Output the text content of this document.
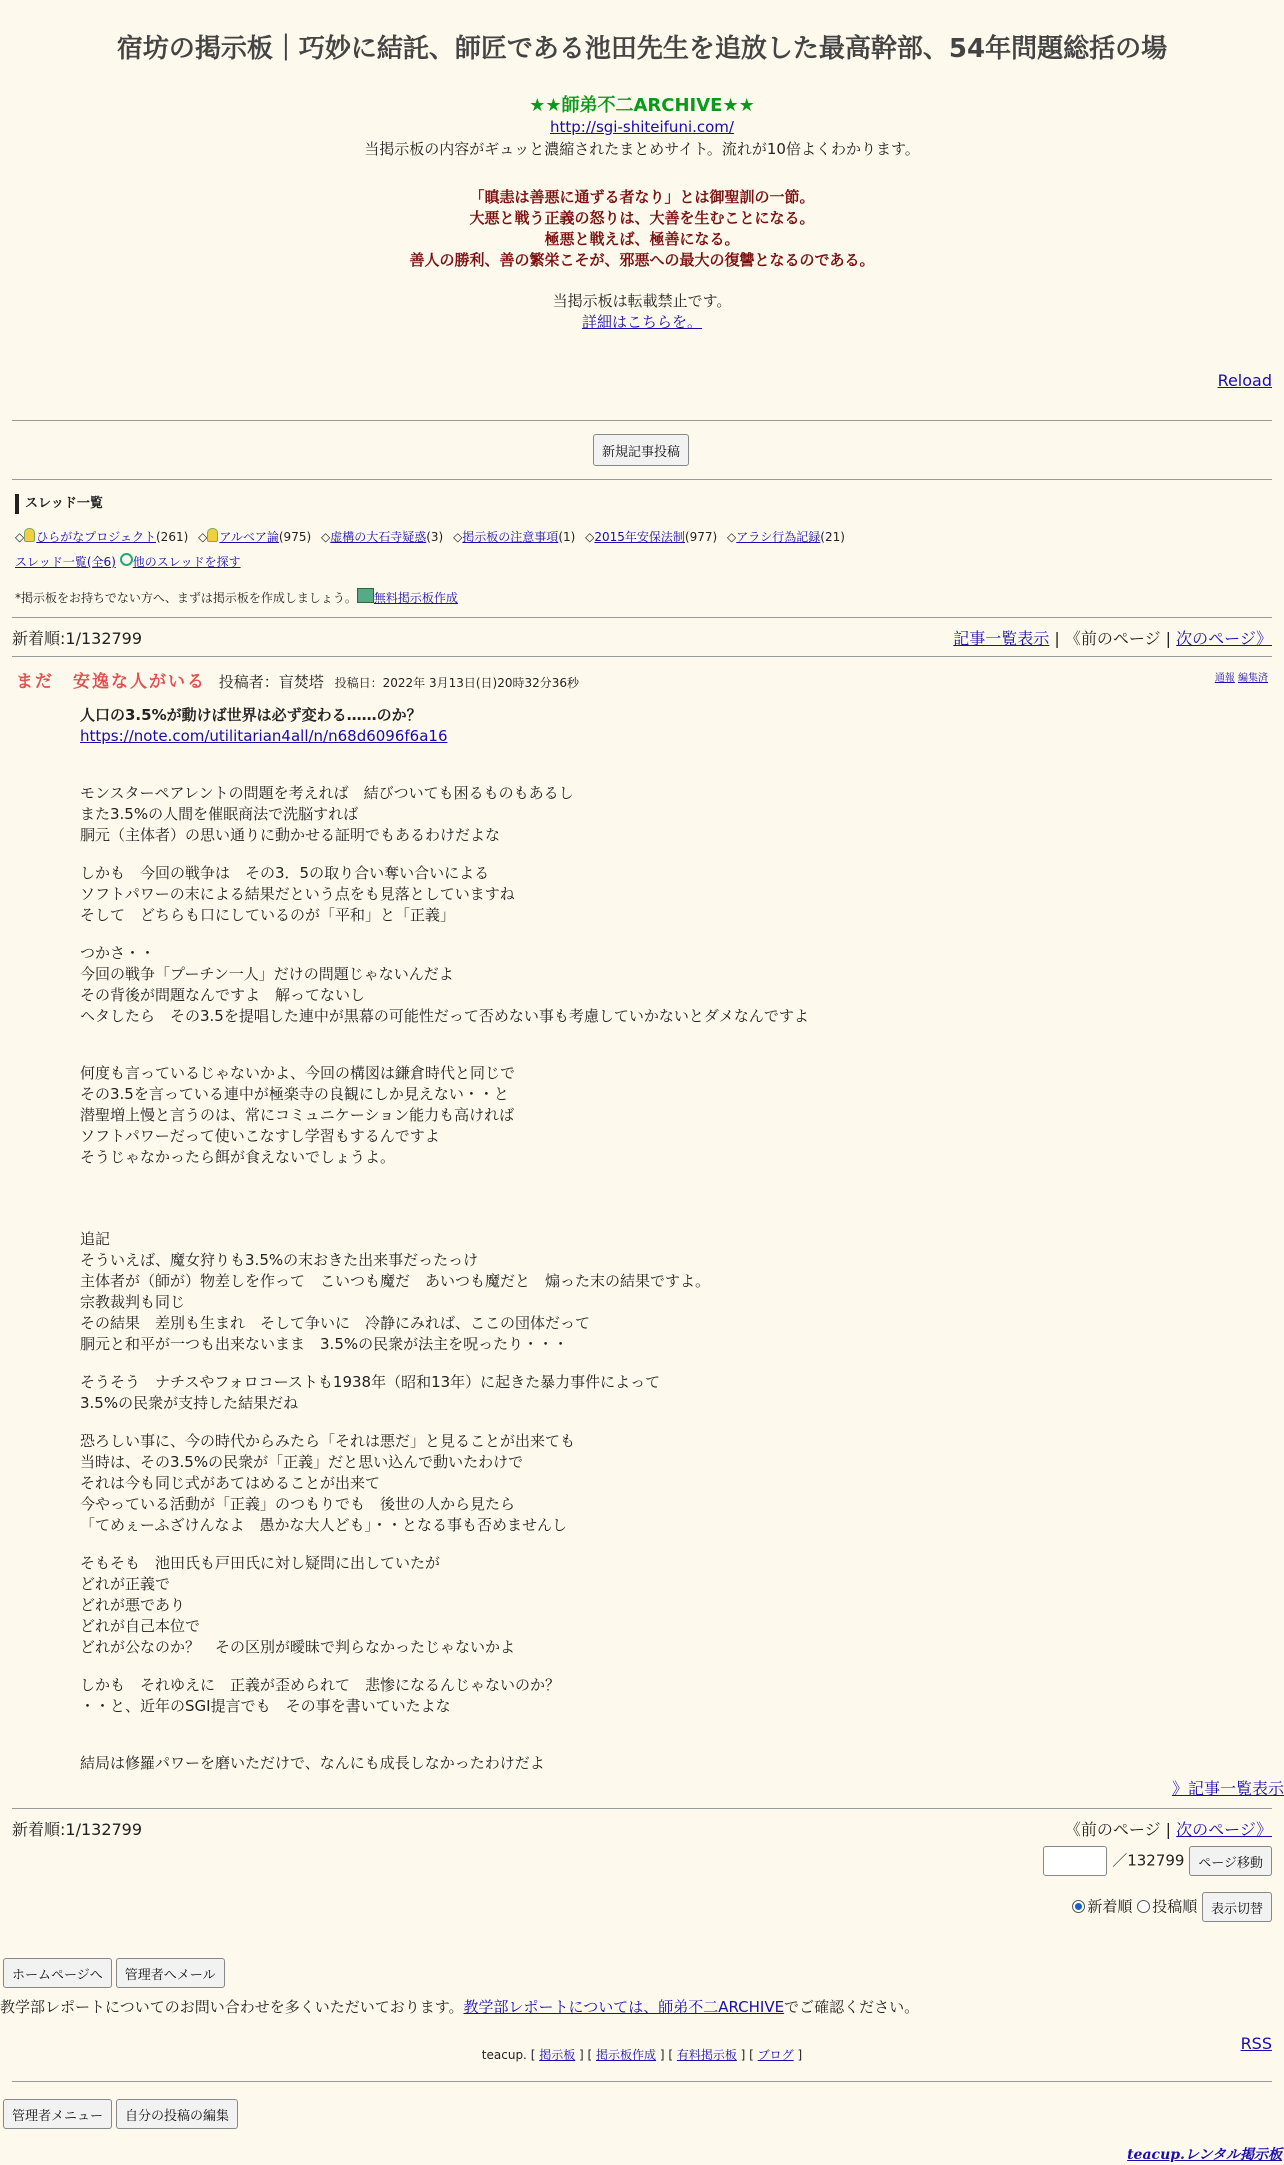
宿坊の掲示板｜巧妙に結託、師匠である池田先生を追放した最高幹部、54年問題総括の場
★★師弟不二ARCHIVE★★
http://sgi-shiteifuni.com/
当掲示板の内容がギュッと濃縮されたまとめサイト。流れが10倍よくわかります。
「瞋恚は善悪に通ずる者なり」とは御聖訓の一節。
大悪と戦う正義の怒りは、大善を生むことになる。
極悪と戦えば、極善になる。
善人の勝利、善の繁栄こそが、邪悪への最大の復讐となるのである。
当掲示板は転載禁止です。
詳細はこちらを。
Reload
新規記事投稿
スレッド一覧
◇ ひらがなプロジェクト(261) ◇ アルベア論(975) ◇虚構の大石寺疑惑(3) ◇掲示板の注意事項(1) ◇2015年安保法制(977) ◇アラシ行為記録(21)
スレッド一覧(全6) 他のスレッドを探す
*掲示板をお持ちでない方へ、まずは掲示板を作成しましょう。 無料掲示板作成
新着順:1/132799	記事一覧表示 | 《前のページ | 次のページ》
まだ　安逸な人がいる 投稿者：盲焚塔 投稿日：2022年 3月13日(日)20時32分36秒	通報 編集済

人口の3.5%が動けば世界は必ず変わる……のか？

https://note.com/utilitarian4all/n/n68d6096f6a16

モンスターペアレントの問題を考えれば　結びついても困るものもあるし

また3.5%の人間を催眠商法で洗脳すれば

胴元（主体者）の思い通りに動かせる証明でもあるわけだよな

しかも　今回の戦争は　その3．5の取り合い奪い合いによる

ソフトパワーの末による結果だという点をも見落としていますね

そして　どちらも口にしているのが「平和」と「正義」

つかさ・・

今回の戦争「プーチン一人」だけの問題じゃないんだよ

その背後が問題なんですよ　解ってないし

ヘタしたら　その3.5を提唱した連中が黒幕の可能性だって否めない事も考慮していかないとダメなんですよ

何度も言っているじゃないかよ、今回の構図は鎌倉時代と同じで

その3.5を言っている連中が極楽寺の良観にしか見えない・・と

潜聖増上慢と言うのは、常にコミュニケーション能力も高ければ

ソフトパワーだって使いこなすし学習もするんですよ

そうじゃなかったら餌が食えないでしょうよ。

追記

そういえば、魔女狩りも3.5%の末おきた出来事だったっけ

主体者が（師が）物差しを作って　こいつも魔だ　あいつも魔だと　煽った末の結果ですよ。

宗教裁判も同じ

その結果　差別も生まれ　そして争いに　冷静にみれば、ここの団体だって

胴元と和平が一つも出来ないまま　3.5%の民衆が法主を呪ったり・・・

そうそう　ナチスやフォロコーストも1938年（昭和13年）に起きた暴力事件によって

3.5%の民衆が支持した結果だね

恐ろしい事に、今の時代からみたら「それは悪だ」と見ることが出来ても

当時は、その3.5%の民衆が「正義」だと思い込んで動いたわけで

それは今も同じ式があてはめることが出来て

今やっている活動が「正義」のつもりでも　後世の人から見たら

「てめぇーふざけんなよ　愚かな大人ども」・・となる事も否めませんし

そもそも　池田氏も戸田氏に対し疑問に出していたが

どれが正義で

どれが悪であり

どれが自己本位で

どれが公なのか？　その区別が曖昧で判らなかったじゃないかよ

しかも　それゆえに　正義が歪められて　悲惨になるんじゃないのか？

・・と、近年のSGI提言でも　その事を書いていたよな

結局は修羅パワーを磨いただけで、なんにも成長しなかったわけだよ

》記事一覧表示
新着順:1/132799	《前のページ | 次のページ》
／132799 ページ移動
新着順 投稿順 表示切替
ホームページへ 管理者へメール
教学部レポートについてのお問い合わせを多くいただいております。教学部レポートについては、師弟不二ARCHIVEでご確認ください。
RSS
teacup. [ 掲示板 ] [ 掲示板作成 ] [ 有料掲示板 ] [ ブログ ]
管理者メニュー 自分の投稿の編集
teacup.レンタル掲示板
